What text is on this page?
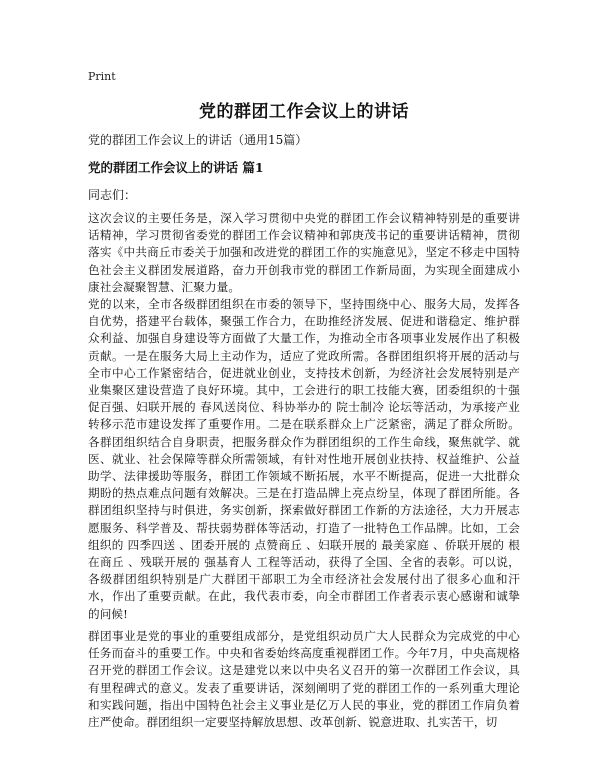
Print
党的群团工作会议上的讲话

党的群团工作会议上的讲话（通用15篇）

党的群团工作会议上的讲话 篇1

同志们：

这次会议的主要任务是，深入学习贯彻中央党的群团工作会议精神特别是的重要讲话精神，学习贯彻省委党的群团工作会议精神和郭庚茂书记的重要讲话精神，贯彻落实《中共商丘市委关于加强和改进党的群团工作的实施意见》，坚定不移走中国特色社会主义群团发展道路，奋力开创我市党的群团工作新局面，为实现全面建成小康社会凝聚智慧、汇聚力量。

党的以来，全市各级群团组织在市委的领导下，坚持围绕中心、服务大局，发挥各自优势，搭建平台载体，聚强工作合力，在助推经济发展、促进和谐稳定、维护群众利益、加强自身建设等方面做了大量工作，为推动全市各项事业发展作出了积极贡献。一是在服务大局上主动作为，适应了党政所需。各群团组织将开展的活动与全市中心工作紧密结合，促进就业创业，支持技术创新，为经济社会发展特别是产业集聚区建设营造了良好环境。其中，工会进行的职工技能大赛，团委组织的十强促百强、妇联开展的 春风送岗位、科协举办的 院士制冷 论坛等活动，为承接产业转移示范市建设发挥了重要作用。二是在联系群众上广泛紧密，满足了群众所盼。各群团组织结合自身职责，把服务群众作为群团组织的工作生命线，聚焦就学、就医、就业、社会保障等群众所需领域，有针对性地开展创业扶持、权益维护、公益助学、法律援助等服务，群团工作领域不断拓展，水平不断提高，促进一大批群众期盼的热点难点问题有效解决。三是在打造品牌上亮点纷呈，体现了群团所能。各群团组织坚持与时俱进，务实创新，探索做好群团工作新的方法途径，大力开展志愿服务、科学普及、帮扶弱势群体等活动，打造了一批特色工作品牌。比如，工会组织的 四季四送 、团委开展的 点赞商丘 、妇联开展的 最美家庭 、侨联开展的 根在商丘 、残联开展的 强基育人 工程等活动，获得了全国、全省的表彰。可以说，各级群团组织特别是广大群团干部职工为全市经济社会发展付出了很多心血和汗水，作出了重要贡献。在此，我代表市委，向全市群团工作者表示衷心感谢和诚挚的问候!

群团事业是党的事业的重要组成部分，是党组织动员广大人民群众为完成党的中心任务而奋斗的重要工作。中央和省委始终高度重视群团工作。今年7月，中央高规格召开党的群团工作会议。这是建党以来以中央名义召开的第一次群团工作会议，具有里程碑式的意义。发表了重要讲话，深刻阐明了党的群团工作的一系列重大理论和实践问题，指出中国特色社会主义事业是亿万人民的事业，党的群团工作肩负着庄严使命。群团组织一定要坚持解放思想、改革创新、锐意进取、扎实苦干，切
